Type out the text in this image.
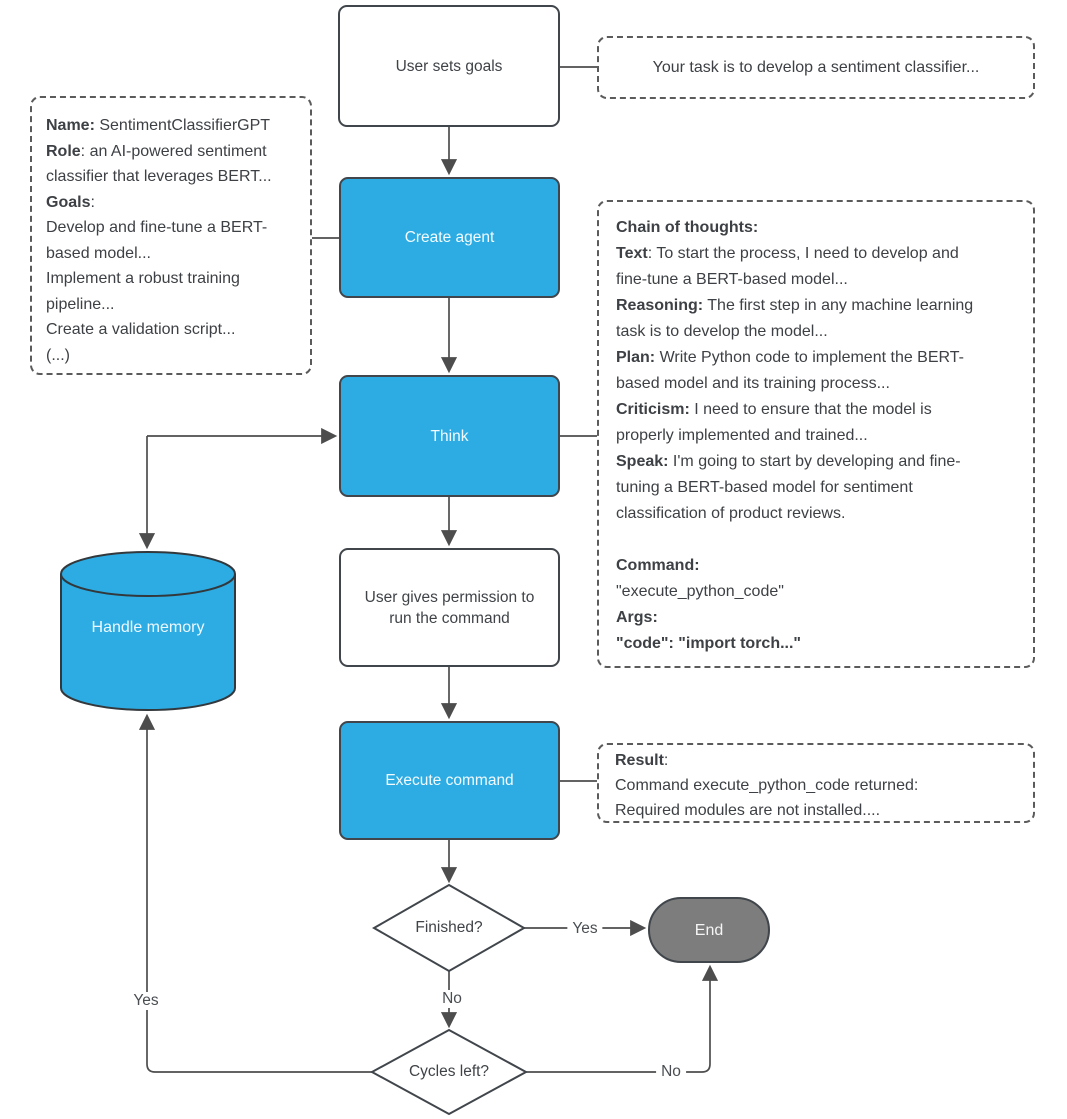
User sets goals
Create agent
Think
User gives permission to run the command
Execute command
End
Finished?
Cycles left?
Handle memory
Your task is to develop a sentiment classifier...
Name: SentimentClassifierGPT
Role: an AI-powered sentiment
classifier that leverages BERT...
Goals:
Develop and fine-tune a BERT-
based model...
Implement a robust training
pipeline...
Create a validation script...
(...)
Chain of thoughts:
Text: To start the process, I need to develop and
fine-tune a BERT-based model...
Reasoning: The first step in any machine learning
task is to develop the model...
Plan: Write Python code to implement the BERT-
based model and its training process...
Criticism: I need to ensure that the model is
properly implemented and trained...
Speak: I'm going to start by developing and fine-
tuning a BERT-based model for sentiment
classification of product reviews.

Command:
"execute_python_code"
Args:
"code": "import torch..."
Result:
Command execute_python_code returned:
Required modules are not installed....
Yes
No
No
Yes
